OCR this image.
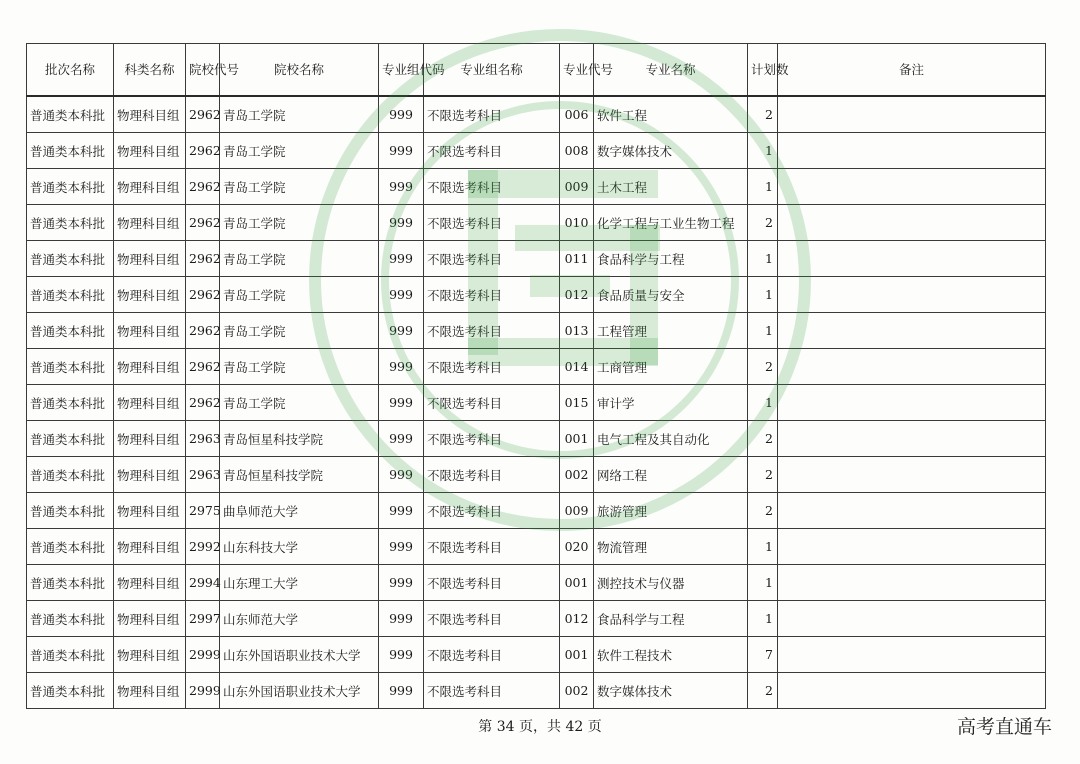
批次名称	科类名称	院校代号	院校名称	专业组代码	专业组名称	专业代号	专业名称	计划数	备注
普通类本科批	物理科目组	2962	青岛工学院	999	不限选考科目	006	软件工程	2	
普通类本科批	物理科目组	2962	青岛工学院	999	不限选考科目	008	数字媒体技术	1	
普通类本科批	物理科目组	2962	青岛工学院	999	不限选考科目	009	土木工程	1	
普通类本科批	物理科目组	2962	青岛工学院	999	不限选考科目	010	化学工程与工业生物工程	2	
普通类本科批	物理科目组	2962	青岛工学院	999	不限选考科目	011	食品科学与工程	1	
普通类本科批	物理科目组	2962	青岛工学院	999	不限选考科目	012	食品质量与安全	1	
普通类本科批	物理科目组	2962	青岛工学院	999	不限选考科目	013	工程管理	1	
普通类本科批	物理科目组	2962	青岛工学院	999	不限选考科目	014	工商管理	2	
普通类本科批	物理科目组	2962	青岛工学院	999	不限选考科目	015	审计学	1	
普通类本科批	物理科目组	2963	青岛恒星科技学院	999	不限选考科目	001	电气工程及其自动化	2	
普通类本科批	物理科目组	2963	青岛恒星科技学院	999	不限选考科目	002	网络工程	2	
普通类本科批	物理科目组	2975	曲阜师范大学	999	不限选考科目	009	旅游管理	2	
普通类本科批	物理科目组	2992	山东科技大学	999	不限选考科目	020	物流管理	1	
普通类本科批	物理科目组	2994	山东理工大学	999	不限选考科目	001	测控技术与仪器	1	
普通类本科批	物理科目组	2997	山东师范大学	999	不限选考科目	012	食品科学与工程	1	
普通类本科批	物理科目组	2999	山东外国语职业技术大学	999	不限选考科目	001	软件工程技术	7	
普通类本科批	物理科目组	2999	山东外国语职业技术大学	999	不限选考科目	002	数字媒体技术	2	
第 34 页，共 42 页	高考直通车
